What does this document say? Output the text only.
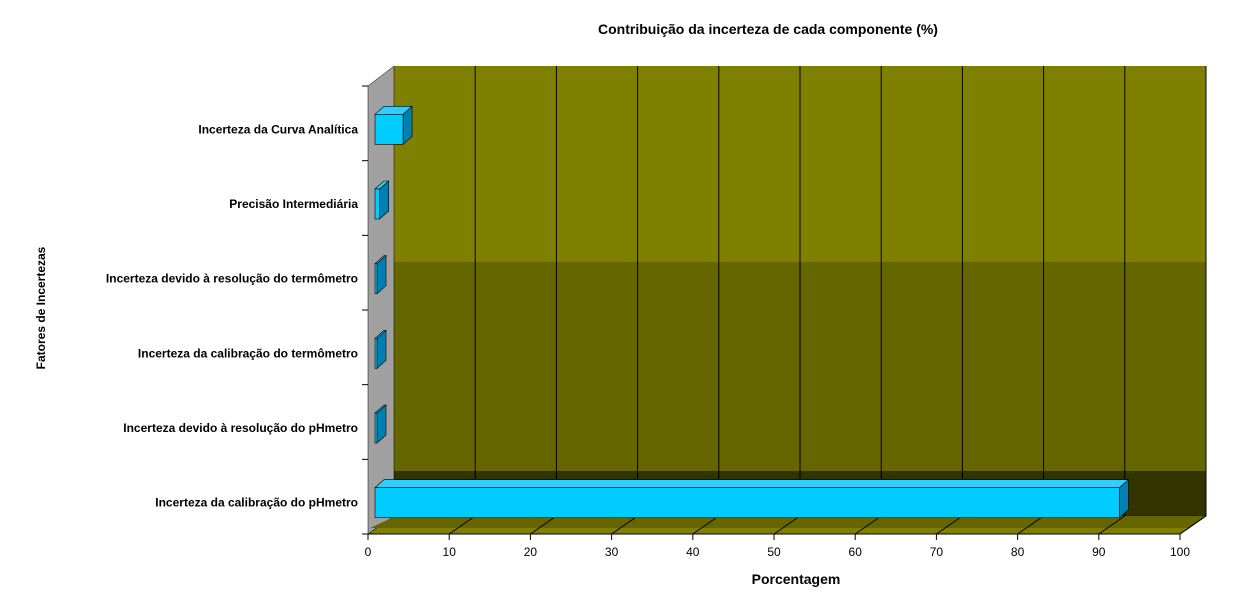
0	10	20	30	40	50	60	70	80	90	100
Incerteza da Curva Analítica
Precisão Intermediária
Incerteza devido à resolução do termômetro
Incerteza da calibração do termômetro
Incerteza devido à resolução do pHmetro
Incerteza da calibração do pHmetro
Contribuição da incerteza de cada componente (%)
Porcentagem
Fatores de Incertezas
